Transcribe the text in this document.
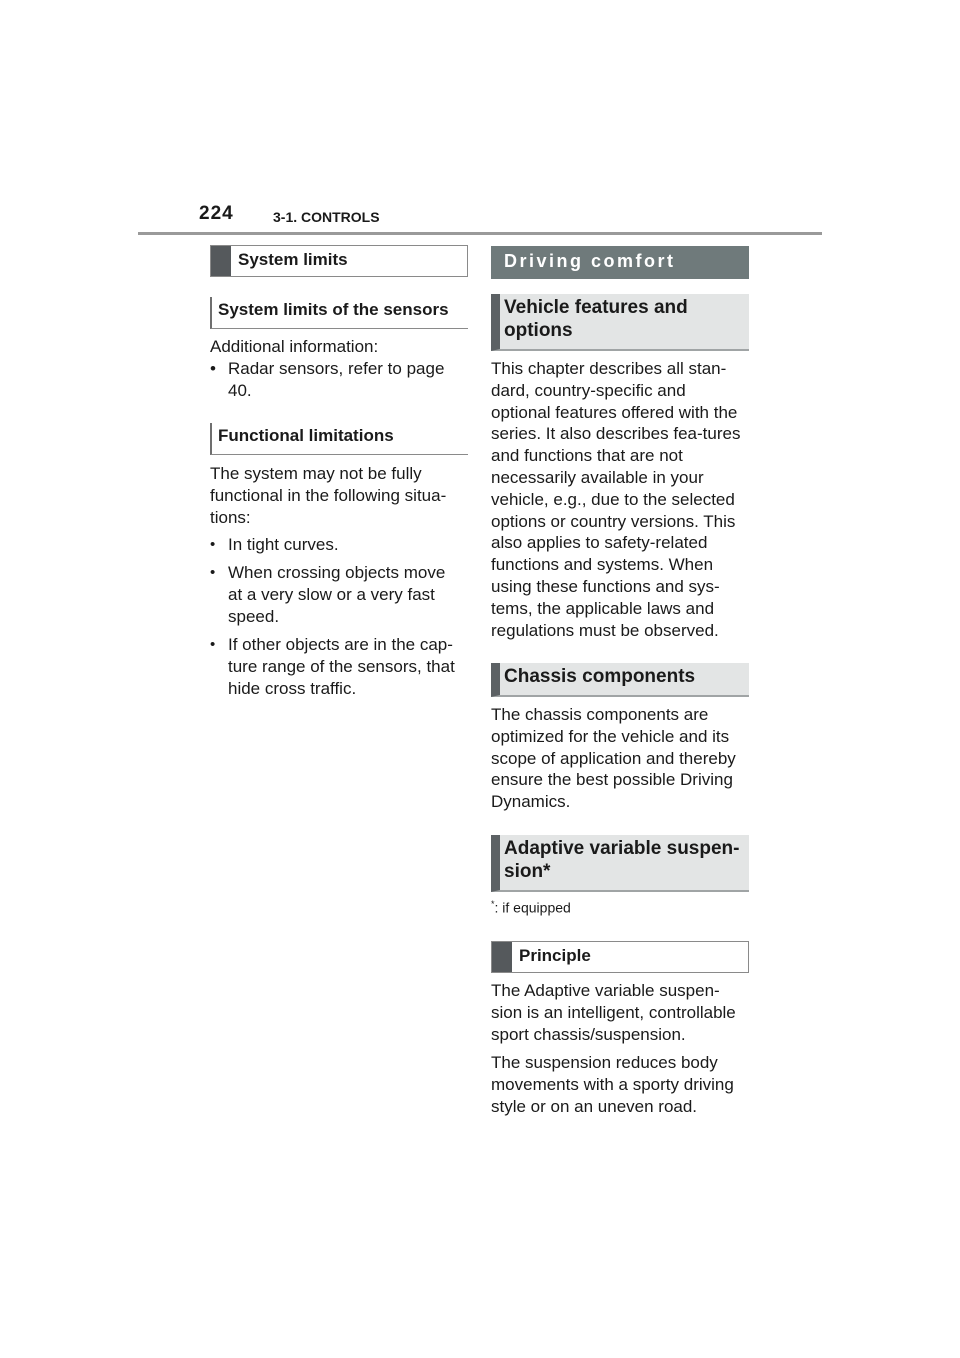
224	3-1. CONTROLS
System limits
System limits of the sensors

Additional information:

• Radar sensors, refer to page 40.
Functional limitations
The system may not be fully functional in the following situa-tions:
• In tight curves.
• When crossing objects move at a very slow or a very fast speed.
• If other objects are in the cap-ture range of the sensors, that hide cross traffic.
Driving comfort
Vehicle features and options
This chapter describes all stan-dard, country-specific and optional features offered with the series. It also describes fea-tures and functions that are not necessarily available in your vehicle, e.g., due to the selected options or country versions. This also applies to safety-related functions and systems. When using these functions and sys-tems, the applicable laws and regulations must be observed.
Chassis components
The chassis components are optimized for the vehicle and its scope of application and thereby ensure the best possible Driving Dynamics.
Adaptive variable suspen-sion*
*: if equipped
Principle
The Adaptive variable suspen-sion is an intelligent, controllable sport chassis/suspension.
The suspension reduces body movements with a sporty driving style or on an uneven road.
